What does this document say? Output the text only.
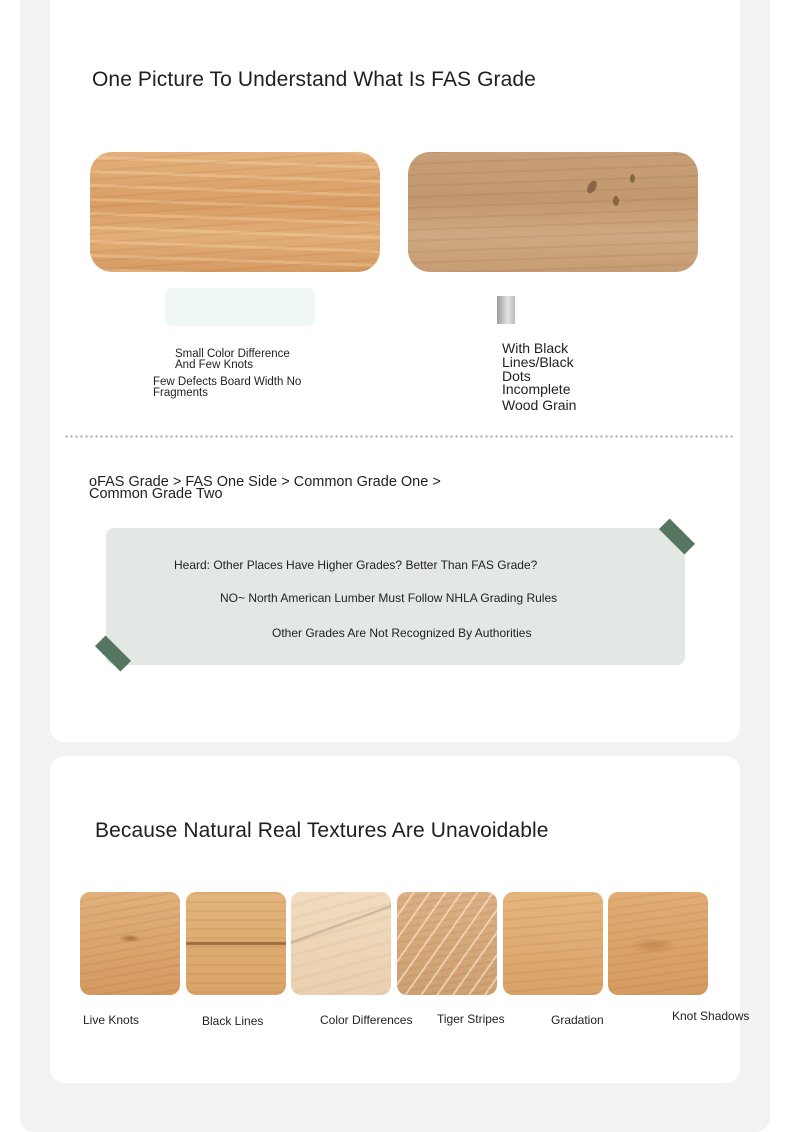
One Picture To Understand What Is FAS Grade
Small Color Difference
And Few Knots
Few Defects Board Width No
Fragments
With Black
Lines/Black
Dots
Incomplete
Wood Grain
oFAS Grade > FAS One Side > Common Grade One >
Common Grade Two
Heard: Other Places Have Higher Grades? Better Than FAS Grade?
NO~ North American Lumber Must Follow NHLA Grading Rules
Other Grades Are Not Recognized By Authorities
Because Natural Real Textures Are Unavoidable
Live Knots	Black Lines	Color Differences Tiger Stripes	Gradation	Knot Shadows
